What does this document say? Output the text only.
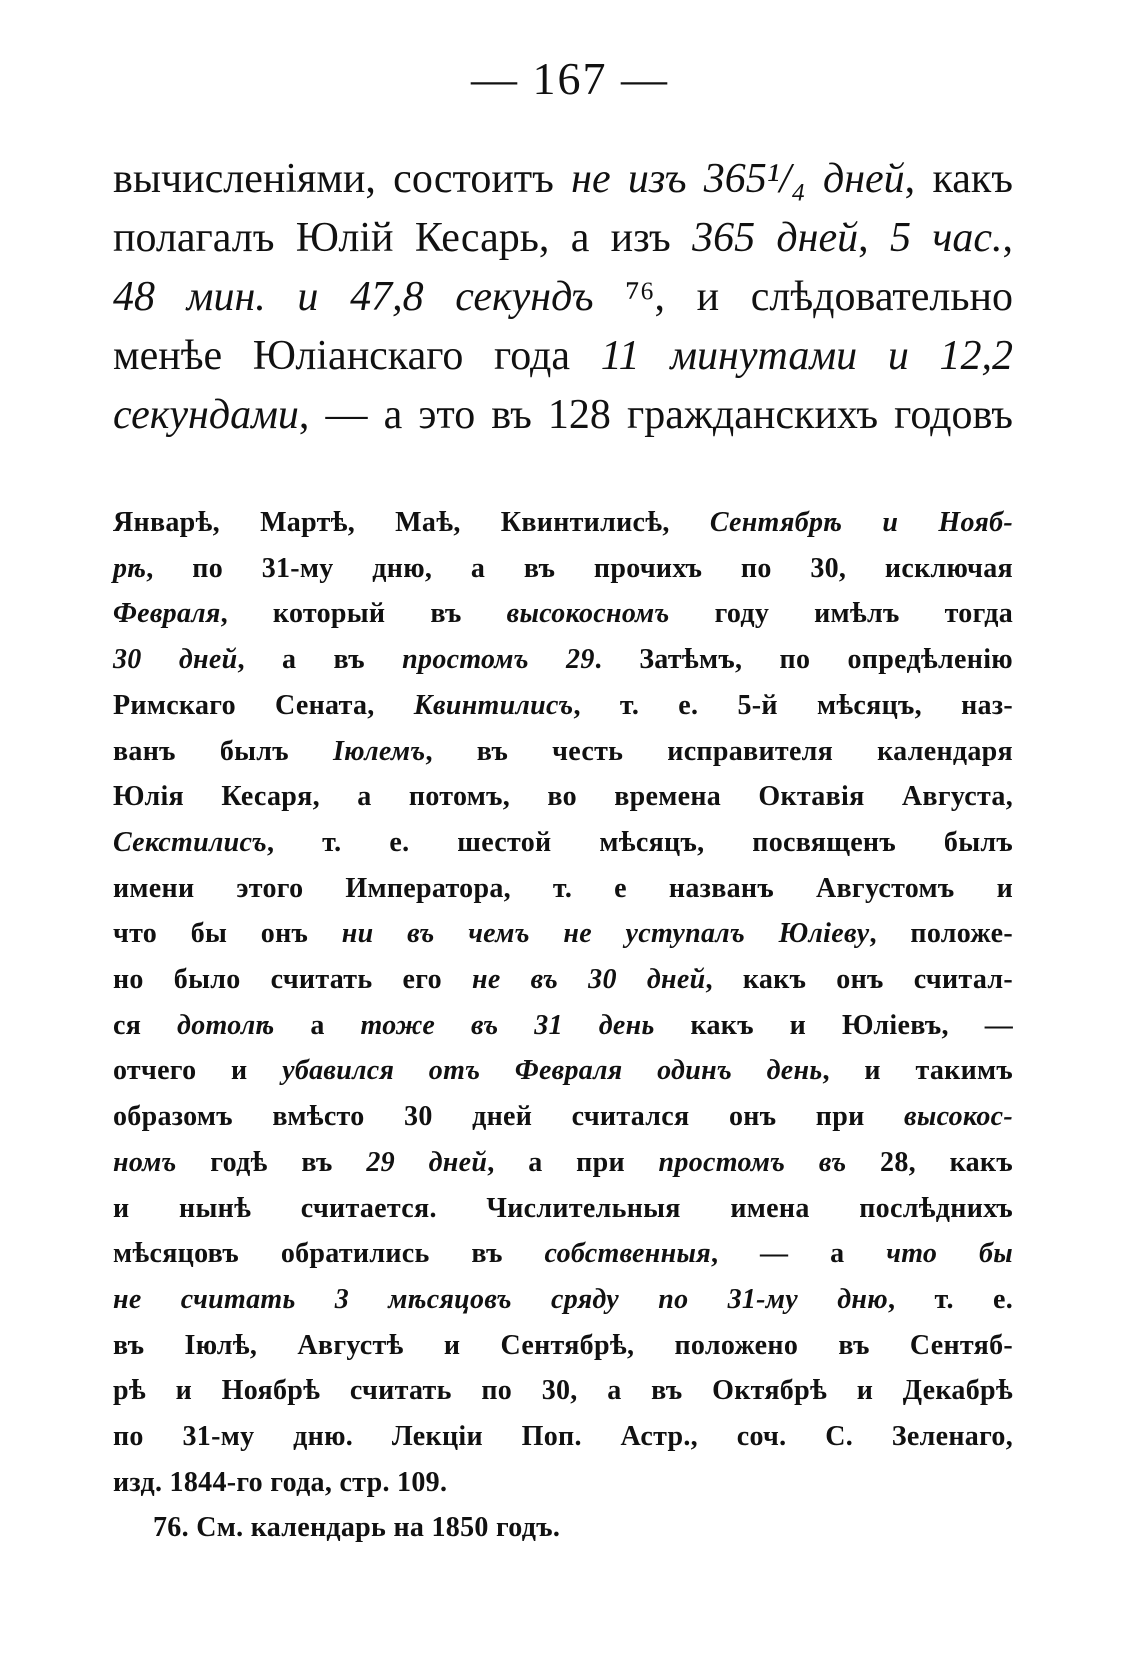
— 167 —
вычисленіями, состоитъ не изъ 365¹/₄ дней, какъ
полагалъ Юлій Кесарь, а изъ 365 дней, 5 час.,
48 мин. и 47,8 секундъ ⁷⁶, и слѣдовательно
менѣе Юліанскаго года 11 минутами и 12,2
секундами, — а это въ 128 гражданскихъ годовъ
Январѣ, Мартѣ, Маѣ, Квинтилисѣ, Сентябрѣ и Нояб-
рѣ, по 31-му дню, а въ прочихъ по 30, исключая
Февраля, который въ высокосномъ году имѣлъ тогда
30 дней, а въ простомъ 29. Затѣмъ, по опредѣленію
Римскаго Сената, Квинтилисъ, т. е. 5-й мѣсяцъ, наз-
ванъ былъ Іюлемъ, въ честь исправителя календаря
Юлія Кесаря, а потомъ, во времена Октавія Августа,
Секстилисъ, т. е. шестой мѣсяцъ, посвященъ былъ
имени этого Императора, т. е названъ Августомъ и
что бы онъ ни въ чемъ не уступалъ Юліеву, положе-
но было считать его не въ 30 дней, какъ онъ считал-
ся дотолѣ а тоже въ 31 день какъ и Юліевъ, —
отчего и убавился отъ Февраля одинъ день, и такимъ
образомъ вмѣсто 30 дней считался онъ при высокос-
номъ годѣ въ 29 дней, а при простомъ въ 28, какъ
и нынѣ считается. Числительныя имена послѣднихъ
мѣсяцовъ обратились въ собственныя, — а что бы
не считать 3 мѣсяцовъ сряду по 31-му дню, т. е.
въ Іюлѣ, Августѣ и Сентябрѣ, положено въ Сентяб-
рѣ и Ноябрѣ считать по 30, а въ Октябрѣ и Декабрѣ
по 31-му дню. Лекціи Поп. Астр., соч. С. Зеленаго,
изд. 1844-го года, стр. 109.
76. См. календарь на 1850 годъ.
